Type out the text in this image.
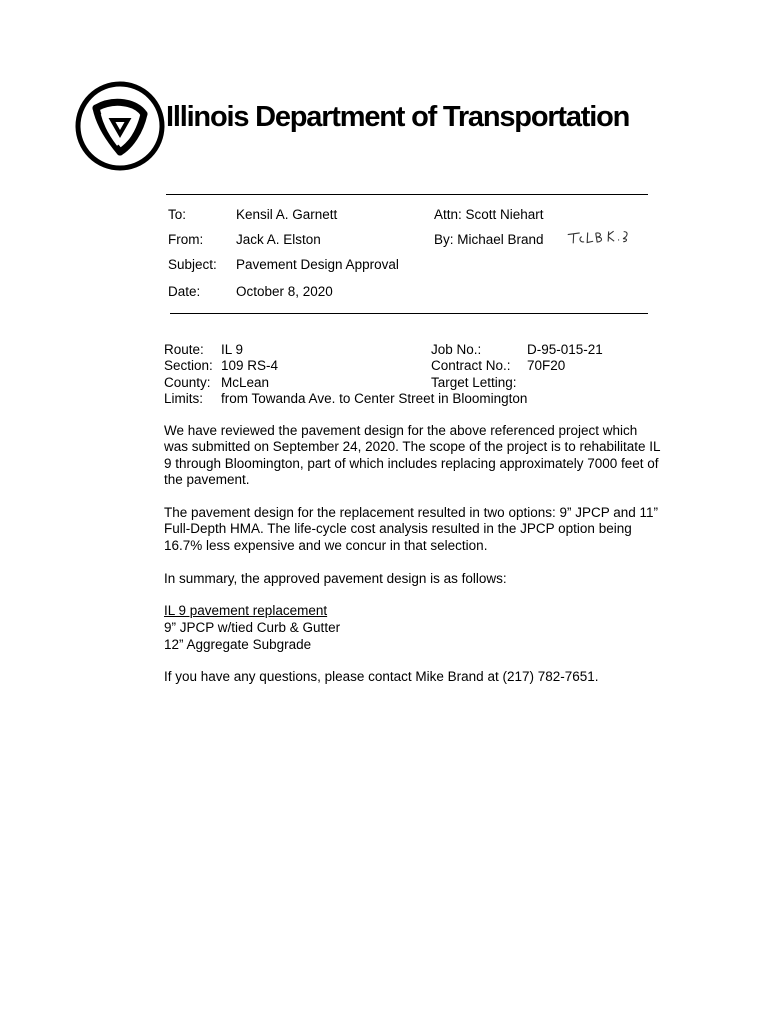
Illinois Department of Transportation
To:	Kensil A. Garnett	Attn: Scott Niehart
From: Jack A. Elston	By: Michael Brand
Subject: Pavement Design Approval
Date:	October 8, 2020
Route: IL 9	Job No.:	D-95-015-21
Section: 109 RS-4	Contract No.: 70F20
County: McLean	Target Letting:
Limits: from Towanda Ave. to Center Street in Bloomington
We have reviewed the pavement design for the above referenced project which was submitted on September 24, 2020. The scope of the project is to rehabilitate IL 9 through Bloomington, part of which includes replacing approximately 7000 feet of the pavement.
The pavement design for the replacement resulted in two options: 9” JPCP and 11” Full-Depth HMA. The life-cycle cost analysis resulted in the JPCP option being 16.7% less expensive and we concur in that selection.
In summary, the approved pavement design is as follows:
IL 9 pavement replacement
9” JPCP w/tied Curb & Gutter
12” Aggregate Subgrade
If you have any questions, please contact Mike Brand at (217) 782-7651.
